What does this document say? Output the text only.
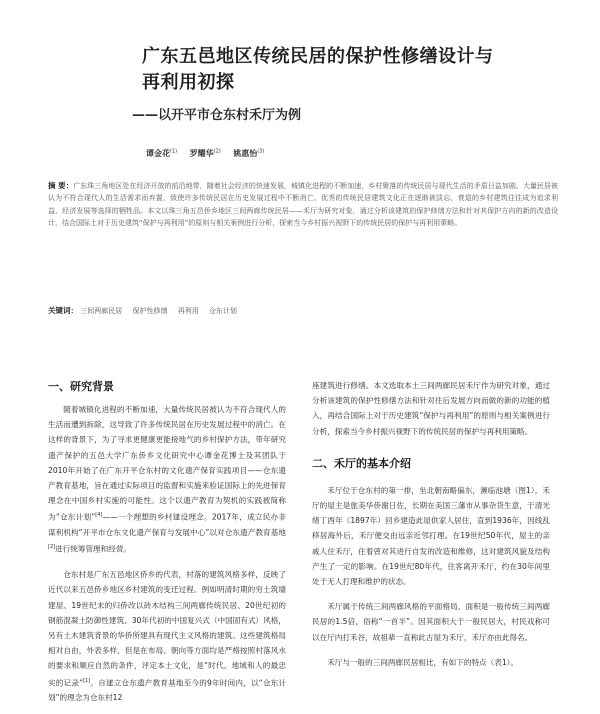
广东五邑地区传统民居的保护性修缮设计与
再利用初探
——以开平市仓东村禾厅为例
谭金花$^{(1)}$ 罗耀华$^{(2)}$ 姚惠怡$^{(3)}$
摘 要：广东珠三角地区处在经济开放的前沿地带，随着社会经济的快速发展，城镇化进程的不断加速，乡村聚落的传统民居与现代生活的矛盾日益加剧。大量民居被认为不符合现代人的生活需求而弃置，致使许多传统民居在历史发展过程中不断消亡。优秀的传统民居建筑文化正在逐渐被淡忘，衰退的乡村建筑往往成为追求利益、经济发展等选择的牺牲品。本文以珠三角五邑侨乡地区三间两廊传统民居——禾厅为研究对象，通过分析该建筑的保护修缮方法和针对其保护方向的新的改造设计，结合国际上对于历史建筑“保护与再利用”的原则与相关案例进行分析，探索当今乡村振兴视野下的传统民居的保护与再利用策略。
关键词： 三间两廊民居 保护性修缮 再利用 仓东计划

一、研究背景

随着城镇化进程的不断加速，大量传统民居被认为不符合现代人的生活而遭到拆除，这导致了许多传统民居在历史发展过程中的消亡。在这样的背景下，为了寻求更健康更能接地气的乡村保护方法，带年研究遗产保护的五邑大学广东侨乡文化研究中心谭金花博士及其团队于2010年开始了在广东开平仓东村的文化遗产保育实践项目——仓东遗产教育基地，旨在通过实际项目的监督和实施来验证国际上的先进保育理念在中国乡村实施的可能性。这个以遗产教育为契机的实践被简称为“仓东计划”[4]——一个理想的乡村建设理念。2017年，成立民办非谋利机构“开平市仓东文化遗产保育与发展中心”以对仓东遗产教育基地[2]进行统筹管理和经营。

仓东村是广东五邑地区侨乡的代表，村落的建筑风格多样，反映了近代以来五邑侨乡地区乡村建筑的变迁过程。例如明清时期的穷土筑墙建屋、19世纪末的归侨改以砖木结构三间两廊传统民居、20世纪初的钢筋混凝土防御性建筑、30年代初的中国复兴式（中国固有式）风格，另有土木建筑背景的华侨所建具有现代主义风格的建筑。这些建筑格局相对自由，外表多样，但是在布局、朝向等方面均是严格按照村落风水的要求和顺应自然的条件，评定本土文化，是“时代、地域和人的最忠实的记录”[1]。自建立仓东遗产教育基地至今的9年时间内，以“仓东计划”的理念为仓东村12

座建筑进行修缮。本文选取本土三间两廊民居禾厅作为研究对象，通过分析该建筑的保护性修缮方法和针对往后发展方向而做的新的功能的植入，再结合国际上对于历史建筑“保护与再利用”的原则与相关案例进行分析，探索当今乡村振兴视野下的传统民居的保护与再利用策略。

二、禾厅的基本介绍

禾厅位于仓东村的第一排，坐北朝南略偏东，濒临池塘（图1）。禾厅的屋主是旅美华侨谢日佐，长期在美国三藩市从事杂货生意，于清光绪丁酉年（1897年）回乡建造此屋供家人居住，直到1936年，因线乱移居海外后，禾厅便交由远亲近邻打理。在19世纪50年代，屋主的亲戚人住禾厅，住着曾对其进行自发的改造和维修，这对建筑风貌及结构产生了一定的影响。在19世纪80年代，住客离开禾厅，约在30年间里处于无人打理和维护的状态。

禾厅属于传统三间两廊风格的平面格局，面积是一般传统三间两廊民居的1.5倍，俗称“一首半”。因其面积大于一般民居大，村民戏称可以在厅内打禾谷，故祖辈一直称此古屋为禾厅，禾厅亦由此得名。

禾厅与一般的三间两廊民居相比，有如下的特点（表1）。
